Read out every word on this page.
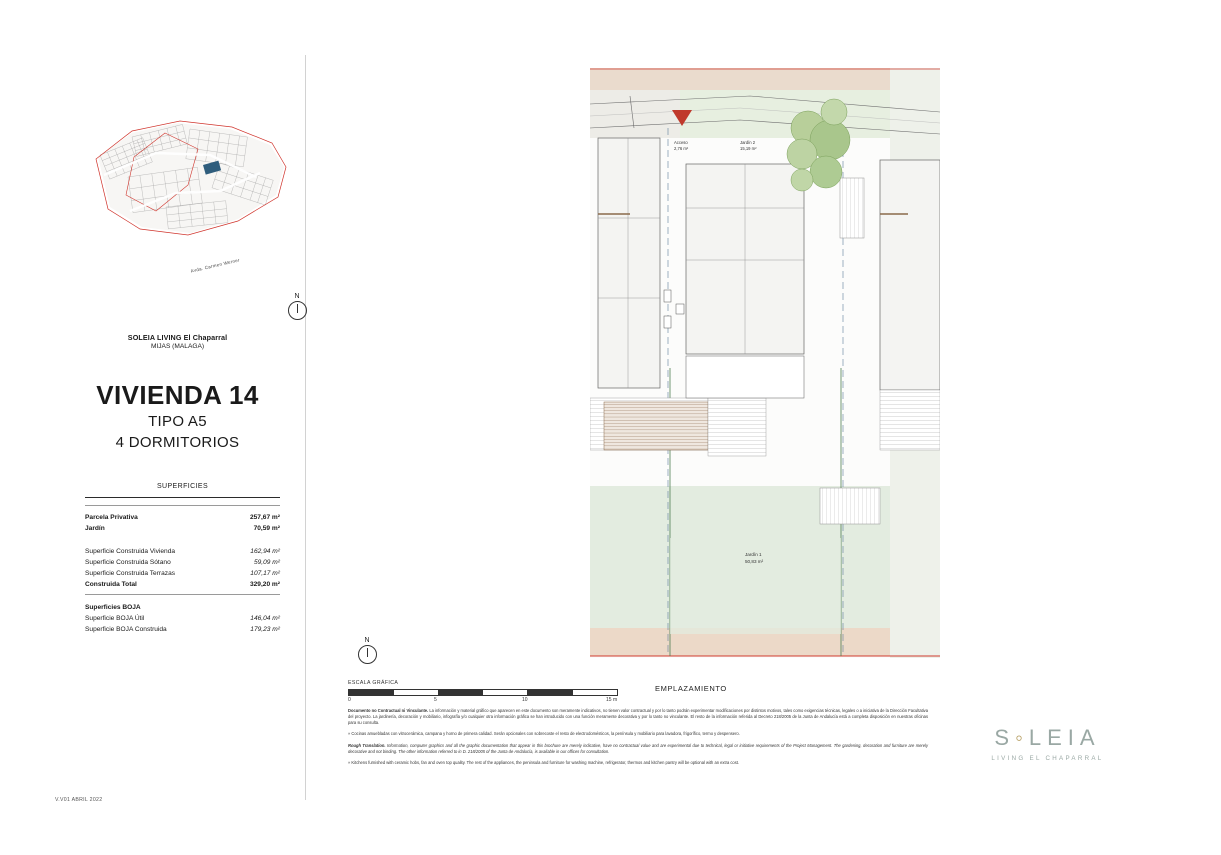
Avda. Carmen Werner
N
SOLEIA LIVING El Chaparral
MIJAS (MALAGA)
VIVIENDA 14
TIPO A5
4 DORMITORIOS
SUPERFICIES
Parcela Privativa	257,67 m²
Jardín	70,59 m²
Superficie Construida Vivienda	162,94 m²
Superficie Construida Sótano	59,09 m²
Superficie Construida Terrazas	107,17 m²
Construida Total	329,20 m²
Superficies BOJA
Superficie BOJA Útil	146,04 m²
Superficie BOJA Construida	179,23 m²
Acceso
2,76 m²
Jardín 2
15,19 m²
Jardín 1
50,83 m²
N
ESCALA GRÁFICA
0	5	10	15 m
EMPLAZAMIENTO

Documento no Contractual ni Vinculante. La información y material gráfico que aparecen en este documento son meramente indicativos, no tienen valor contractual y por lo tanto podrán experimentar modificaciones por distintos motivos, tales como exigencias técnicas, legales o a iniciativa de la Dirección Facultativa del proyecto. La jardinería, decoración y mobiliario, infografía y/o cualquier otra información gráfica se han introducido con una función meramente decorativa y por lo tanto no vinculante. El resto de la información referida al Decreto 218/2005 de la Junta de Andalucía está a completa disposición en nuestras oficinas para su consulta.

» Cocinas amuebladas con vitrocerámica, campana y horno de primera calidad. Serán opcionales con sobrecoste el resto de electrodomésticos, la península y mobiliario para lavadora, frigorífico, termo y despensero.

Rough Translation. Information, computer graphics and all the graphic documentation that appear in this brochure are merely indicative, have no contractual value and are experimental due to technical, legal or initiative requirements of the Project Management. The gardening, decoration and furniture are merely decorative and not binding. The other information referred to in D. 218/2005 of the Junta de Andalucía, is available in our offices for consultation.

» Kitchens furnished with ceramic hobs, fan and oven top quality. The rest of the appliances, the peninsula and furniture for washing machine, refrigerator, thermos and kitchen pantry will be optional with an extra cost.

S◦LEIA
LIVING EL CHAPARRAL
V.V01 ABRIL 2022
